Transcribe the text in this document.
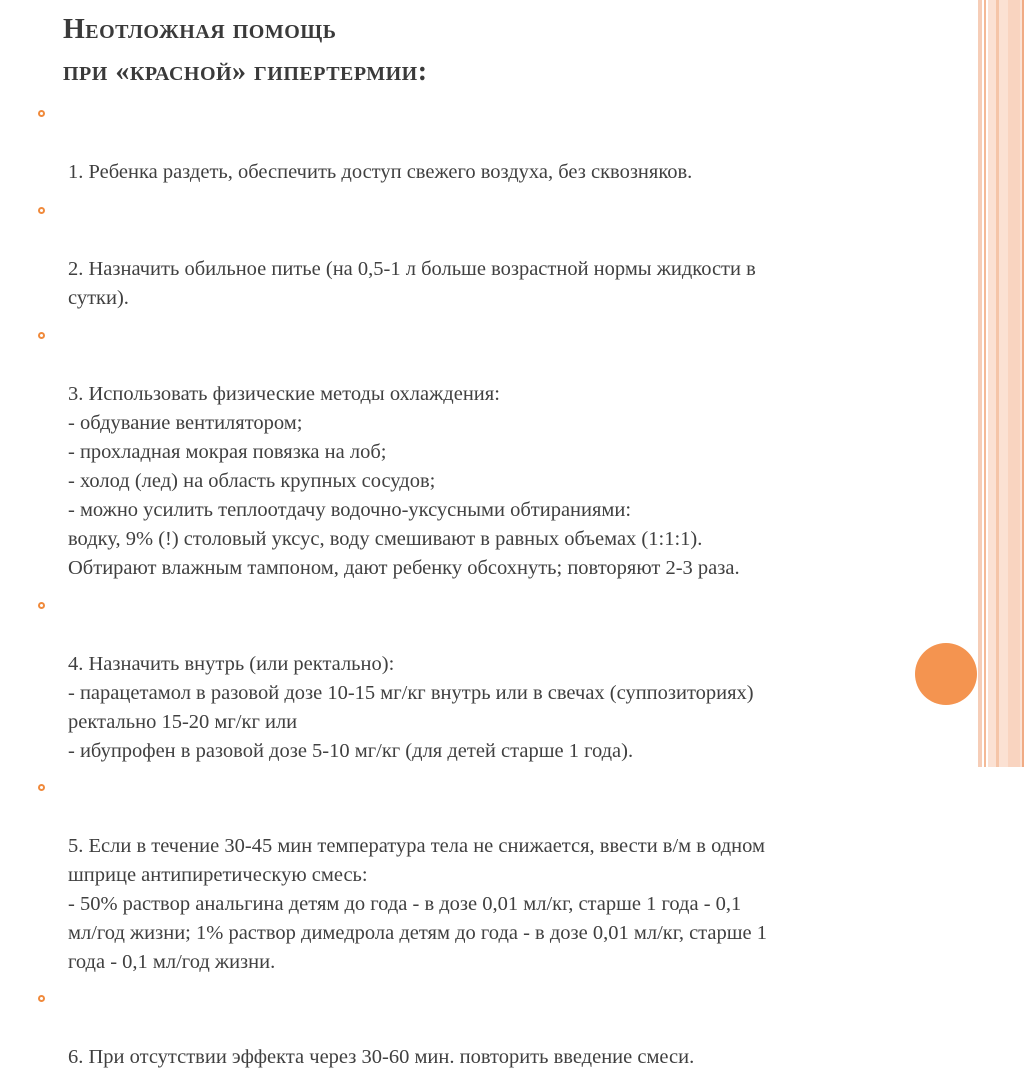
Неотложная помощь
при «красной» гипертермии:

1. Ребенка раздеть, обеспечить доступ свежего воздуха, без сквозняков.

2. Назначить обильное питье (на 0,5-1 л больше возрастной нормы жидкости в
сутки).

3. Использовать физические методы охлаждения:
- обдувание вентилятором;
- прохладная мокрая повязка на лоб;
- холод (лед) на область крупных сосудов;
- можно усилить теплоотдачу водочно-уксусными обтираниями:
водку, 9% (!) столовый уксус, воду смешивают в равных объемах (1:1:1).
Обтирают влажным тампоном, дают ребенку обсохнуть; повторяют 2-3 раза.

4. Назначить внутрь (или ректально):
- парацетамол в разовой дозе 10-15 мг/кг внутрь или в свечах (суппозиториях)
ректально 15-20 мг/кг или
- ибупрофен в разовой дозе 5-10 мг/кг (для детей старше 1 года).

5. Если в течение 30-45 мин температура тела не снижается, ввести в/м в одном
шприце антипиретическую смесь:
- 50% раствор анальгина детям до года - в дозе 0,01 мл/кг, старше 1 года - 0,1
мл/год жизни; 1% раствор димедрола детям до года - в дозе 0,01 мл/кг, старше 1
года - 0,1 мл/год жизни.

6. При отсутствии эффекта через 30-60 мин. повторить введение смеси.
